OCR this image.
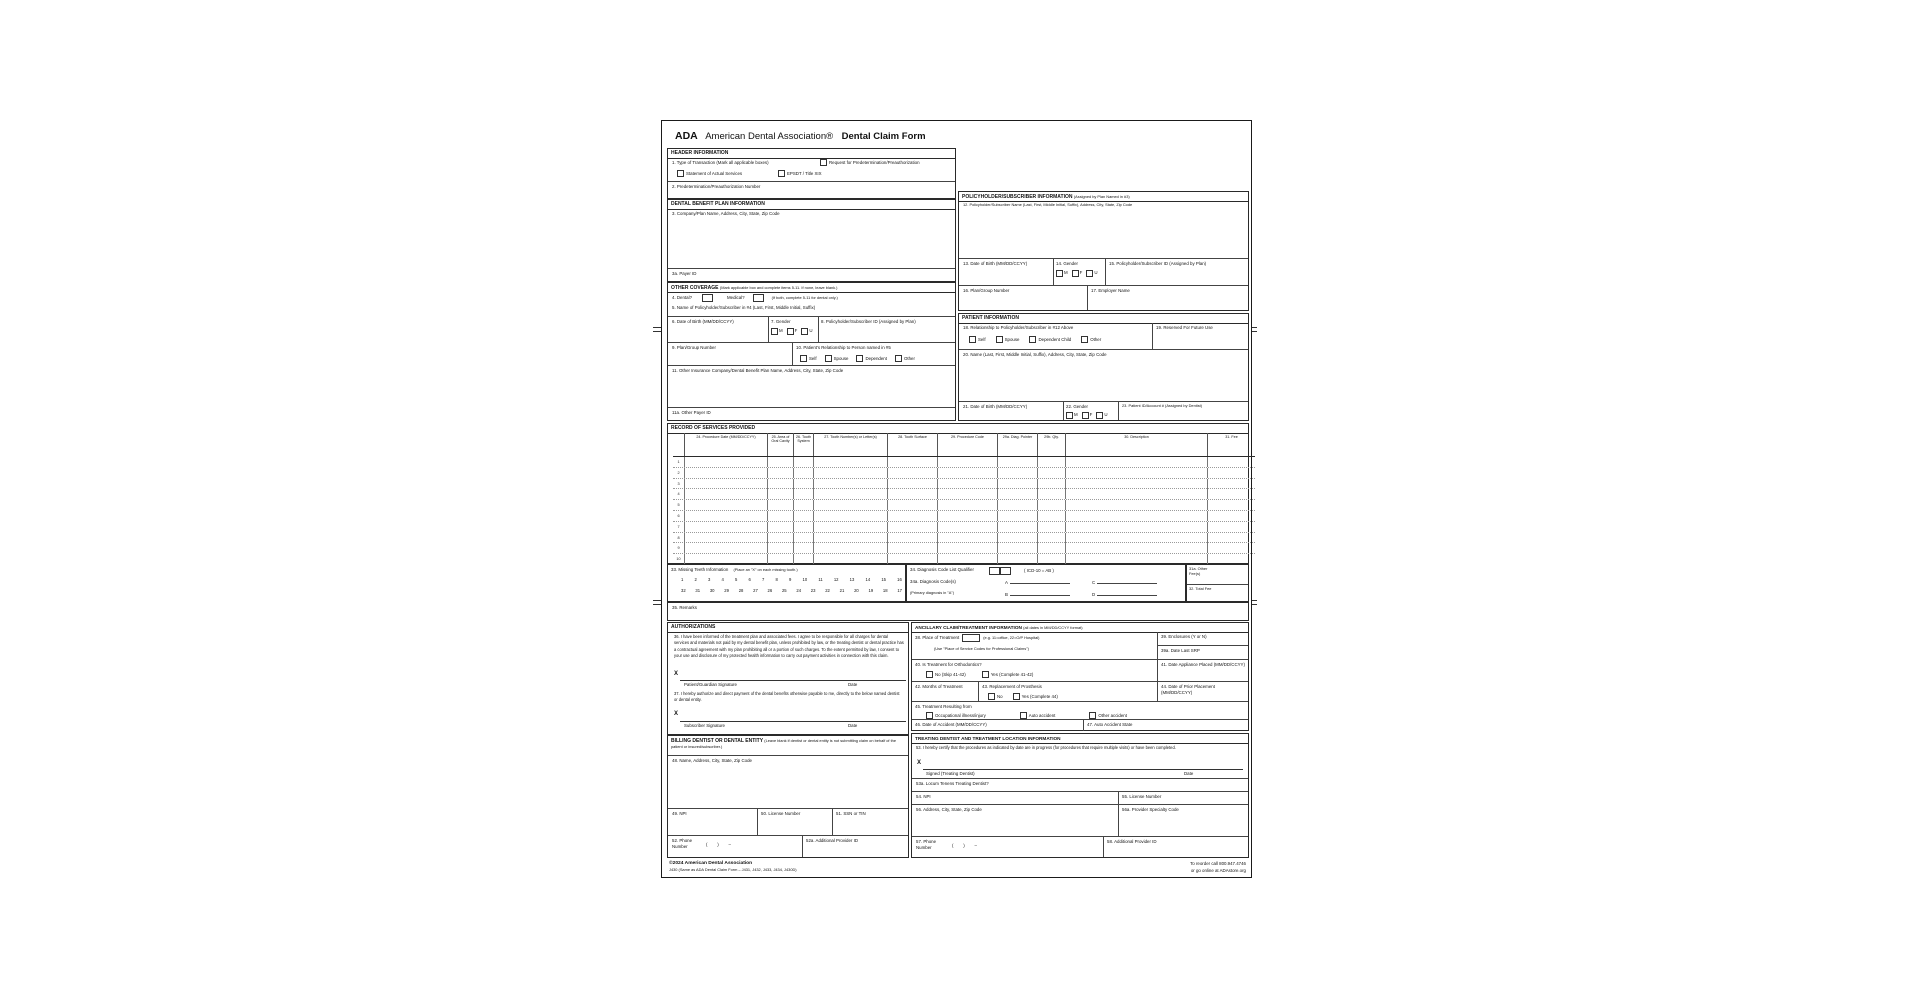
ADA American Dental Association® Dental Claim Form
HEADER INFORMATION
1. Type of Transaction (Mark all applicable boxes)	Request for Predetermination/Preauthorization
Statement of Actual Services	EPSDT / Title XIX
2. Predetermination/Preauthorization Number
DENTAL BENEFIT PLAN INFORMATION
3. Company/Plan Name, Address, City, State, Zip Code
3a. Payer ID
OTHER COVERAGE (Mark applicable box and complete items 5-11. If none, leave blank.)
4. Dental?	Medical?	(If both, complete 5-11 for dental only.)
5. Name of Policyholder/Subscriber in #4 (Last, First, Middle Initial, Suffix)
6. Date of Birth (MM/DD/CCYY)	7. Gender
M	F	U
8. Policyholder/Subscriber ID (Assigned by Plan)
9. Plan/Group Number	10. Patient's Relationship to Person named in #5
Self	Spouse	Dependent	Other
11. Other Insurance Company/Dental Benefit Plan Name, Address, City, State, Zip Code
11a. Other Payer ID
POLICYHOLDER/SUBSCRIBER INFORMATION (Assigned by Plan Named in #3)
12. Policyholder/Subscriber Name (Last, First, Middle Initial, Suffix), Address, City, State, Zip Code
13. Date of Birth (MM/DD/CCYY)	14. Gender
M	F	U
15. Policyholder/Subscriber ID (Assigned by Plan)
16. Plan/Group Number	17. Employer Name
PATIENT INFORMATION
18. Relationship to Policyholder/Subscriber in #12 Above
Self	Spouse	Dependent Child	Other
19. Reserved For Future Use
20. Name (Last, First, Middle Initial, Suffix), Address, City, State, Zip Code
21. Date of Birth (MM/DD/CCYY)	22. Gender
M	F	U
23. Patient ID/Account # (Assigned by Dentist)
RECORD OF SERVICES PROVIDED
24. Procedure Date (MM/DD/CCYY)	25. Area of Oral Cavity
26. Tooth System
27. Tooth Number(s) or Letter(s)	28. Tooth Surface	29. Procedure Code	29a. Diag. Pointer	29b. Qty.	30. Description	31. Fee
1
2
3
4
5
6
7
8
9
10
33. Missing Teeth Information (Place an "X" on each missing tooth.)
1	2	3	4	5	6	7	8	9	10	11	12	13	14	15	16
32 31 30 29 28 27 26 25 24 23 22 21 20 19 18 17
34. Diagnosis Code List Qualifier	( ICD-10 = AB )
34a. Diagnosis Code(s)	A	C
(Primary diagnosis in "A")	B	D
31a. Other Fee(s)
32. Total Fee
35. Remarks
AUTHORIZATIONS
36. I have been informed of the treatment plan and associated fees. I agree to be responsible for all charges for dental services and materials not paid by my dental benefit plan, unless prohibited by law, or the treating dentist or dental practice has a contractual agreement with my plan prohibiting all or a portion of such charges. To the extent permitted by law, I consent to your use and disclosure of my protected health information to carry out payment activities in connection with this claim.
X
Patient/Guardian Signature	Date
37. I hereby authorize and direct payment of the dental benefits otherwise payable to me, directly to the below named dentist or dental entity.
X
Subscriber Signature	Date
ANCILLARY CLAIM/TREATMENT INFORMATION (all dates in MM/DD/CCYY format)
38. Place of Treatment	(e.g. 11=office, 22=O/P Hospital)
(Use "Place of Service Codes for Professional Claims")
39. Enclosures (Y or N)
39a. Date Last SRP
40. Is Treatment for Orthodontics?
No (Skip 41-42)	Yes (Complete 41-42)
41. Date Appliance Placed (MM/DD/CCYY)
42. Months of Treatment	43. Replacement of Prosthesis
No	Yes (Complete 44)
44. Date of Prior Placement (MM/DD/CCYY)
45. Treatment Resulting from
Occupational illness/injury	Auto accident	Other accident
46. Date of Accident (MM/DD/CCYY)	47. Auto Accident State
BILLING DENTIST OR DENTAL ENTITY (Leave blank if dentist or dental entity is not submitting claim on behalf of the patient or insured/subscriber.)
48. Name, Address, City, State, Zip Code
49. NPI	50. License Number	51. SSN or TIN
52. Phone Number	(        )        –
52a. Additional Provider ID
TREATING DENTIST AND TREATMENT LOCATION INFORMATION
53. I hereby certify that the procedures as indicated by date are in progress (for procedures that require multiple visits) or have been completed.
X
Signed (Treating Dentist)	Date
53a. Locum Tenens Treating Dentist?
54. NPI	55. License Number
56. Address, City, State, Zip Code	56a. Provider Specialty Code
57. Phone Number	(        )        –
58. Additional Provider ID
©2024 American Dental Association
J430 (Same as ADA Dental Claim Form – J431, J432, J433, J434, J430D)
To reorder call 800.947.4746
or go online at ADAstore.org
